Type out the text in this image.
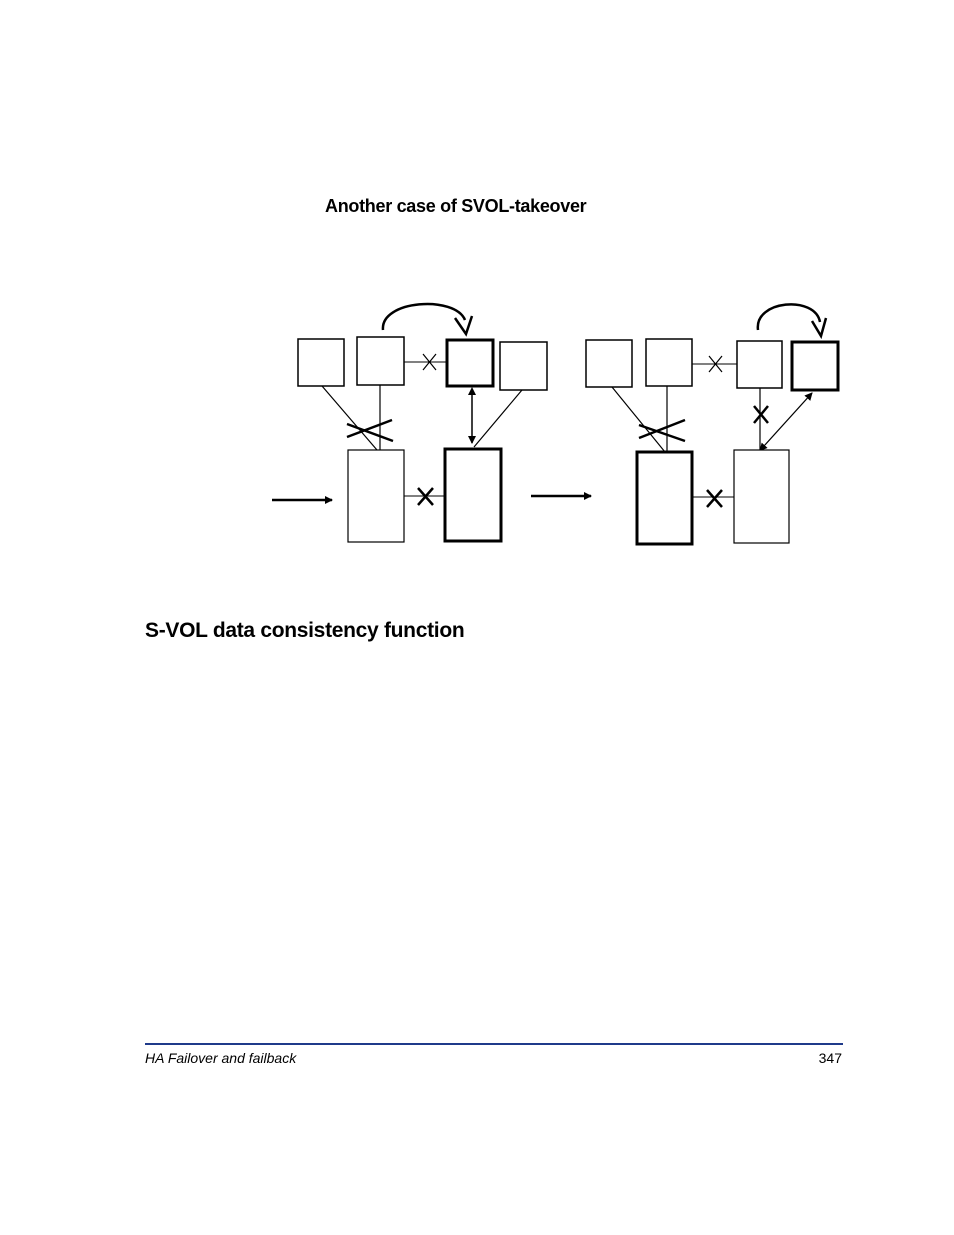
Another case of SVOL-takeover
S-VOL data consistency function
HA Failover and failback	347
